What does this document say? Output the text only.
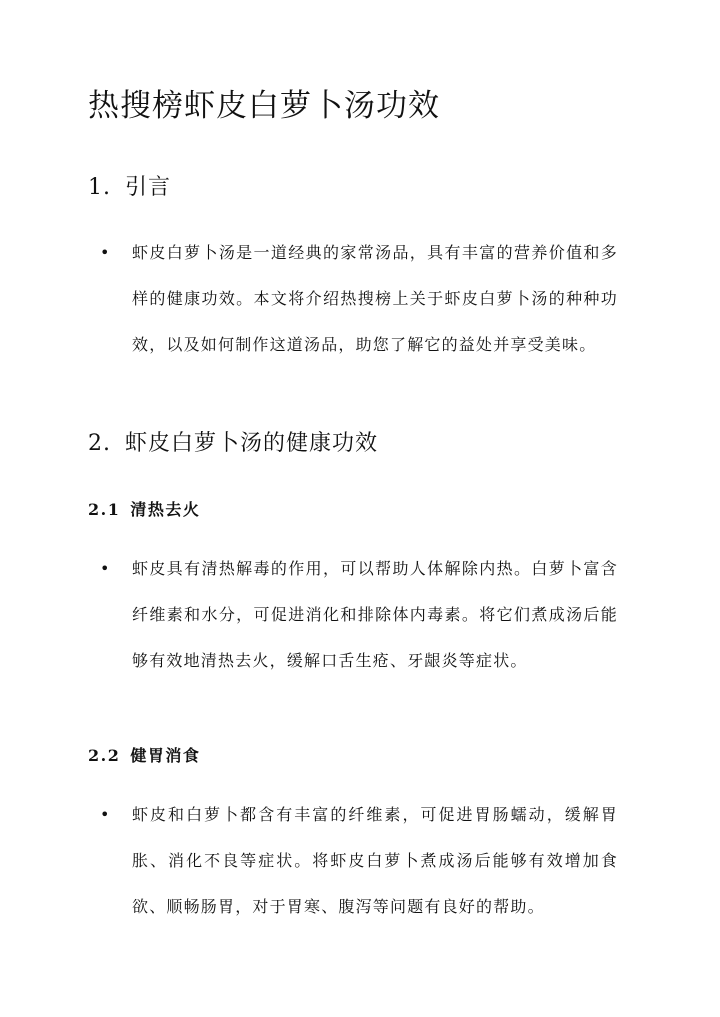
热搜榜虾皮白萝卜汤功效
1. 引言
•	虾皮白萝卜汤是一道经典的家常汤品，具有丰富的营养价值和多样的健康功效。本文将介绍热搜榜上关于虾皮白萝卜汤的种种功效，以及如何制作这道汤品，助您了解它的益处并享受美味。

2. 虾皮白萝卜汤的健康功效
2.1 清热去火
•	虾皮具有清热解毒的作用，可以帮助人体解除内热。白萝卜富含纤维素和水分，可促进消化和排除体内毒素。将它们煮成汤后能够有效地清热去火，缓解口舌生疮、牙龈炎等症状。

2.2 健胃消食
•	虾皮和白萝卜都含有丰富的纤维素，可促进胃肠蠕动，缓解胃胀、消化不良等症状。将虾皮白萝卜煮成汤后能够有效增加食欲、顺畅肠胃，对于胃寒、腹泻等问题有良好的帮助。
